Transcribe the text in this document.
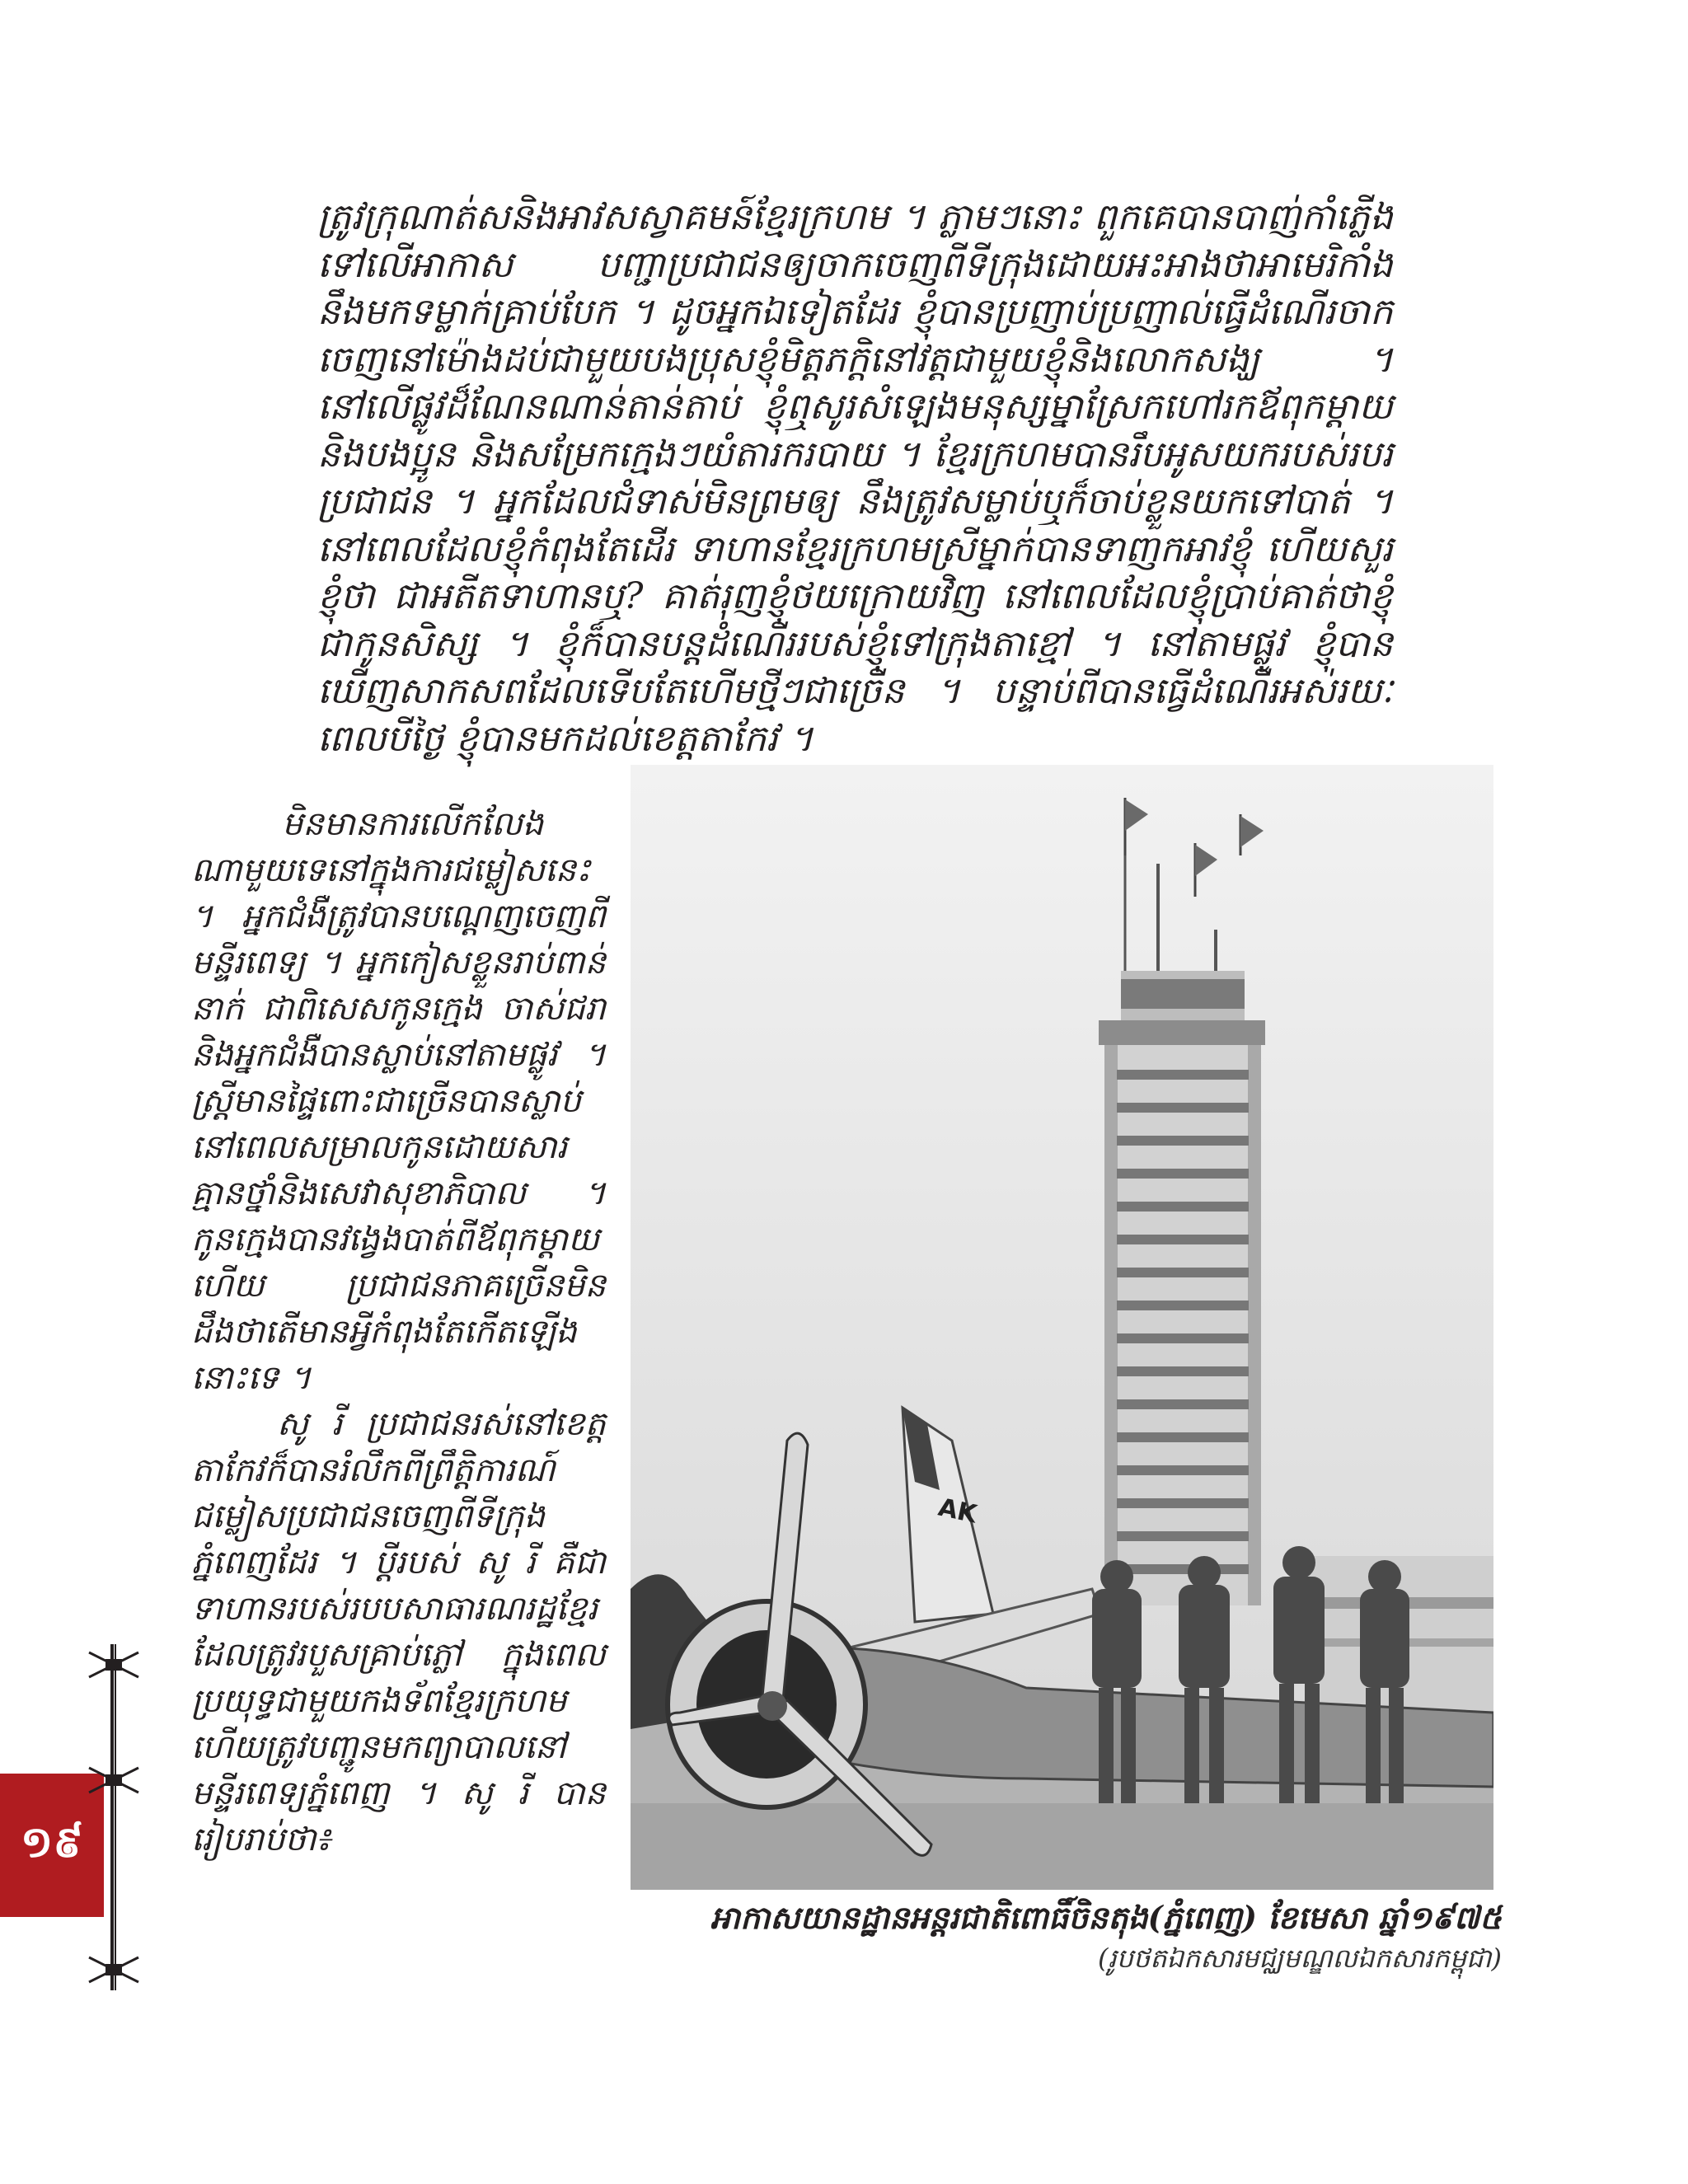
ត្រូវក្រុណាត់សនិងអាវសស្វាគមន៍ខ្មែរក្រហម ។ ភ្លាមៗនោះ ពួកគេបានបាញ់កាំភ្លើងទៅលើអាកាស បញ្ជាប្រជាជនឲ្យចាកចេញពីទីក្រុងដោយអះអាងថាអាមេរិកាំងនឹងមកទម្លាក់គ្រាប់បែក ។ ដូចអ្នកឯទៀតដែរ ខ្ញុំបានប្រញាប់ប្រញាល់ធ្វើដំណើរចាកចេញនៅម៉ោងដប់ជាមួយបងប្រុសខ្ញុំមិត្តភក្តិនៅវត្តជាមួយខ្ញុំនិងលោកសង្ឃ ។ នៅលើផ្លូវដ៏ណែនណាន់តាន់តាប់ ខ្ញុំឮសូរសំឡេងមនុស្សម្នាស្រែកហៅរកឪពុកម្តាយនិងបងប្អូន និងសម្រែកក្មេងៗយំតារករបាយ ។ ខ្មែរក្រហមបានរឹបអូសយករបស់របរប្រជាជន ។ អ្នកដែលជំទាស់មិនព្រមឲ្យ នឹងត្រូវសម្លាប់ឬក៏ចាប់ខ្លួនយកទៅបាត់ ។ នៅពេលដែលខ្ញុំកំពុងតែដើរ ទាហានខ្មែរក្រហមស្រីម្នាក់បានទាញកអាវខ្ញុំ ហើយសួរខ្ញុំថា ជាអតីតទាហានឬ? គាត់រុញខ្ញុំថយក្រោយវិញ នៅពេលដែលខ្ញុំប្រាប់គាត់ថាខ្ញុំជាកូនសិស្ស ។ ខ្ញុំក៏បានបន្តដំណើររបស់ខ្ញុំទៅក្រុងតាខ្មៅ ។ នៅតាមផ្លូវ ខ្ញុំបានឃើញសាកសពដែលទើបតែហើមថ្មីៗជាច្រើន ។ បន្ទាប់ពីបានធ្វើដំណើរអស់រយៈពេលបីថ្ងៃ ខ្ញុំបានមកដល់ខេត្តតាកែវ ។

មិនមានការលើកលែងណាមួយទេនៅក្នុងការជម្លៀសនេះ ។ អ្នកជំងឺត្រូវបានបណ្តេញចេញពីមន្ទីរពេទ្យ ។ អ្នកកៀសខ្លួនរាប់ពាន់នាក់ ជាពិសេសកូនក្មេង ចាស់ជរា និងអ្នកជំងឺបានស្លាប់នៅតាមផ្លូវ ។ ស្ត្រីមានផ្ទៃពោះជាច្រើនបានស្លាប់នៅពេលសម្រាលកូនដោយសារគ្មានថ្នាំនិងសេវាសុខាភិបាល ។ កូនក្មេងបានវង្វេងបាត់ពីឪពុកម្តាយហើយ ប្រជាជនភាគច្រើនមិនដឹងថាតើមានអ្វីកំពុងតែកើតឡើងនោះទេ ។

សូ រី ប្រជាជនរស់នៅខេត្តតាកែវក៏បានរំលឹកពីព្រឹត្តិការណ៍ជម្លៀសប្រជាជនចេញពីទីក្រុងភ្នំពេញដែរ ។ ប្តីរបស់ សូ រី គឺជាទាហានរបស់របបសាធារណរដ្ឋខ្មែរដែលត្រូវរបួសគ្រាប់ភ្លៅ ក្នុងពេលប្រយុទ្ធជាមួយកងទ័ពខ្មែរក្រហម ហើយត្រូវបញ្ជូនមកព្យាបាលនៅមន្ទីរពេទ្យភ្នំពេញ ។ សូ រី បានរៀបរាប់ថា៖

AK
អាកាសយានដ្ឋានអន្តរជាតិពោធិ៍ចិនតុង(ភ្នំពេញ) ខែមេសា ឆ្នាំ១៩៧៥
(រូបថតឯកសារមជ្ឈមណ្ឌលឯកសារកម្ពុជា)
១៩
